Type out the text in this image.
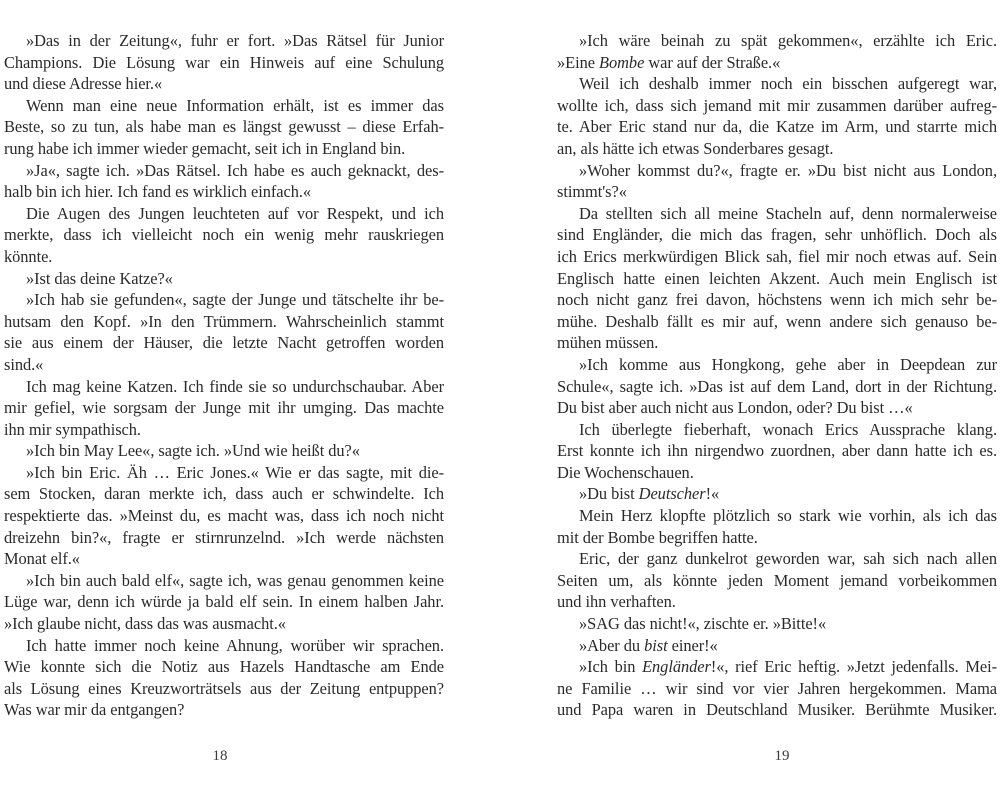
»Das in der Zeitung«, fuhr er fort. »Das Rätsel für Junior
Champions. Die Lösung war ein Hinweis auf eine Schulung
und diese Adresse hier.«
Wenn man eine neue Information erhält, ist es immer das
Beste, so zu tun, als habe man es längst gewusst – diese Erfah-
rung habe ich immer wieder gemacht, seit ich in England bin.
»Ja«, sagte ich. »Das Rätsel. Ich habe es auch geknackt, des-
halb bin ich hier. Ich fand es wirklich einfach.«
Die Augen des Jungen leuchteten auf vor Respekt, und ich
merkte, dass ich vielleicht noch ein wenig mehr rauskriegen
könnte.
»Ist das deine Katze?«
»Ich hab sie gefunden«, sagte der Junge und tätschelte ihr be-
hutsam den Kopf. »In den Trümmern. Wahrscheinlich stammt
sie aus einem der Häuser, die letzte Nacht getroffen worden
sind.«
Ich mag keine Katzen. Ich finde sie so undurchschaubar. Aber
mir gefiel, wie sorgsam der Junge mit ihr umging. Das machte
ihn mir sympathisch.
»Ich bin May Lee«, sagte ich. »Und wie heißt du?«
»Ich bin Eric. Äh … Eric Jones.« Wie er das sagte, mit die-
sem Stocken, daran merkte ich, dass auch er schwindelte. Ich
respektierte das. »Meinst du, es macht was, dass ich noch nicht
dreizehn bin?«, fragte er stirnrunzelnd. »Ich werde nächsten
Monat elf.«
»Ich bin auch bald elf«, sagte ich, was genau genommen keine
Lüge war, denn ich würde ja bald elf sein. In einem halben Jahr.
»Ich glaube nicht, dass das was ausmacht.«
Ich hatte immer noch keine Ahnung, worüber wir sprachen.
Wie konnte sich die Notiz aus Hazels Handtasche am Ende
als Lösung eines Kreuzworträtsels aus der Zeitung entpuppen?
Was war mir da entgangen?
»Ich wäre beinah zu spät gekommen«, erzählte ich Eric.
»Eine Bombe war auf der Straße.«
Weil ich deshalb immer noch ein bisschen aufgeregt war,
wollte ich, dass sich jemand mit mir zusammen darüber aufreg-
te. Aber Eric stand nur da, die Katze im Arm, und starrte mich
an, als hätte ich etwas Sonderbares gesagt.
»Woher kommst du?«, fragte er. »Du bist nicht aus London,
stimmt's?«
Da stellten sich all meine Stacheln auf, denn normalerweise
sind Engländer, die mich das fragen, sehr unhöflich. Doch als
ich Erics merkwürdigen Blick sah, fiel mir noch etwas auf. Sein
Englisch hatte einen leichten Akzent. Auch mein Englisch ist
noch nicht ganz frei davon, höchstens wenn ich mich sehr be-
mühe. Deshalb fällt es mir auf, wenn andere sich genauso be-
mühen müssen.
»Ich komme aus Hongkong, gehe aber in Deepdean zur
Schule«, sagte ich. »Das ist auf dem Land, dort in der Richtung.
Du bist aber auch nicht aus London, oder? Du bist …«
Ich überlegte fieberhaft, wonach Erics Aussprache klang.
Erst konnte ich ihn nirgendwo zuordnen, aber dann hatte ich es.
Die Wochenschauen.
»Du bist Deutscher!«
Mein Herz klopfte plötzlich so stark wie vorhin, als ich das
mit der Bombe begriffen hatte.
Eric, der ganz dunkelrot geworden war, sah sich nach allen
Seiten um, als könnte jeden Moment jemand vorbeikommen
und ihn verhaften.
»SAG das nicht!«, zischte er. »Bitte!«
»Aber du bist einer!«
»Ich bin Engländer!«, rief Eric heftig. »Jetzt jedenfalls. Mei-
ne Familie … wir sind vor vier Jahren hergekommen. Mama
und Papa waren in Deutschland Musiker. Berühmte Musiker.
18	19
